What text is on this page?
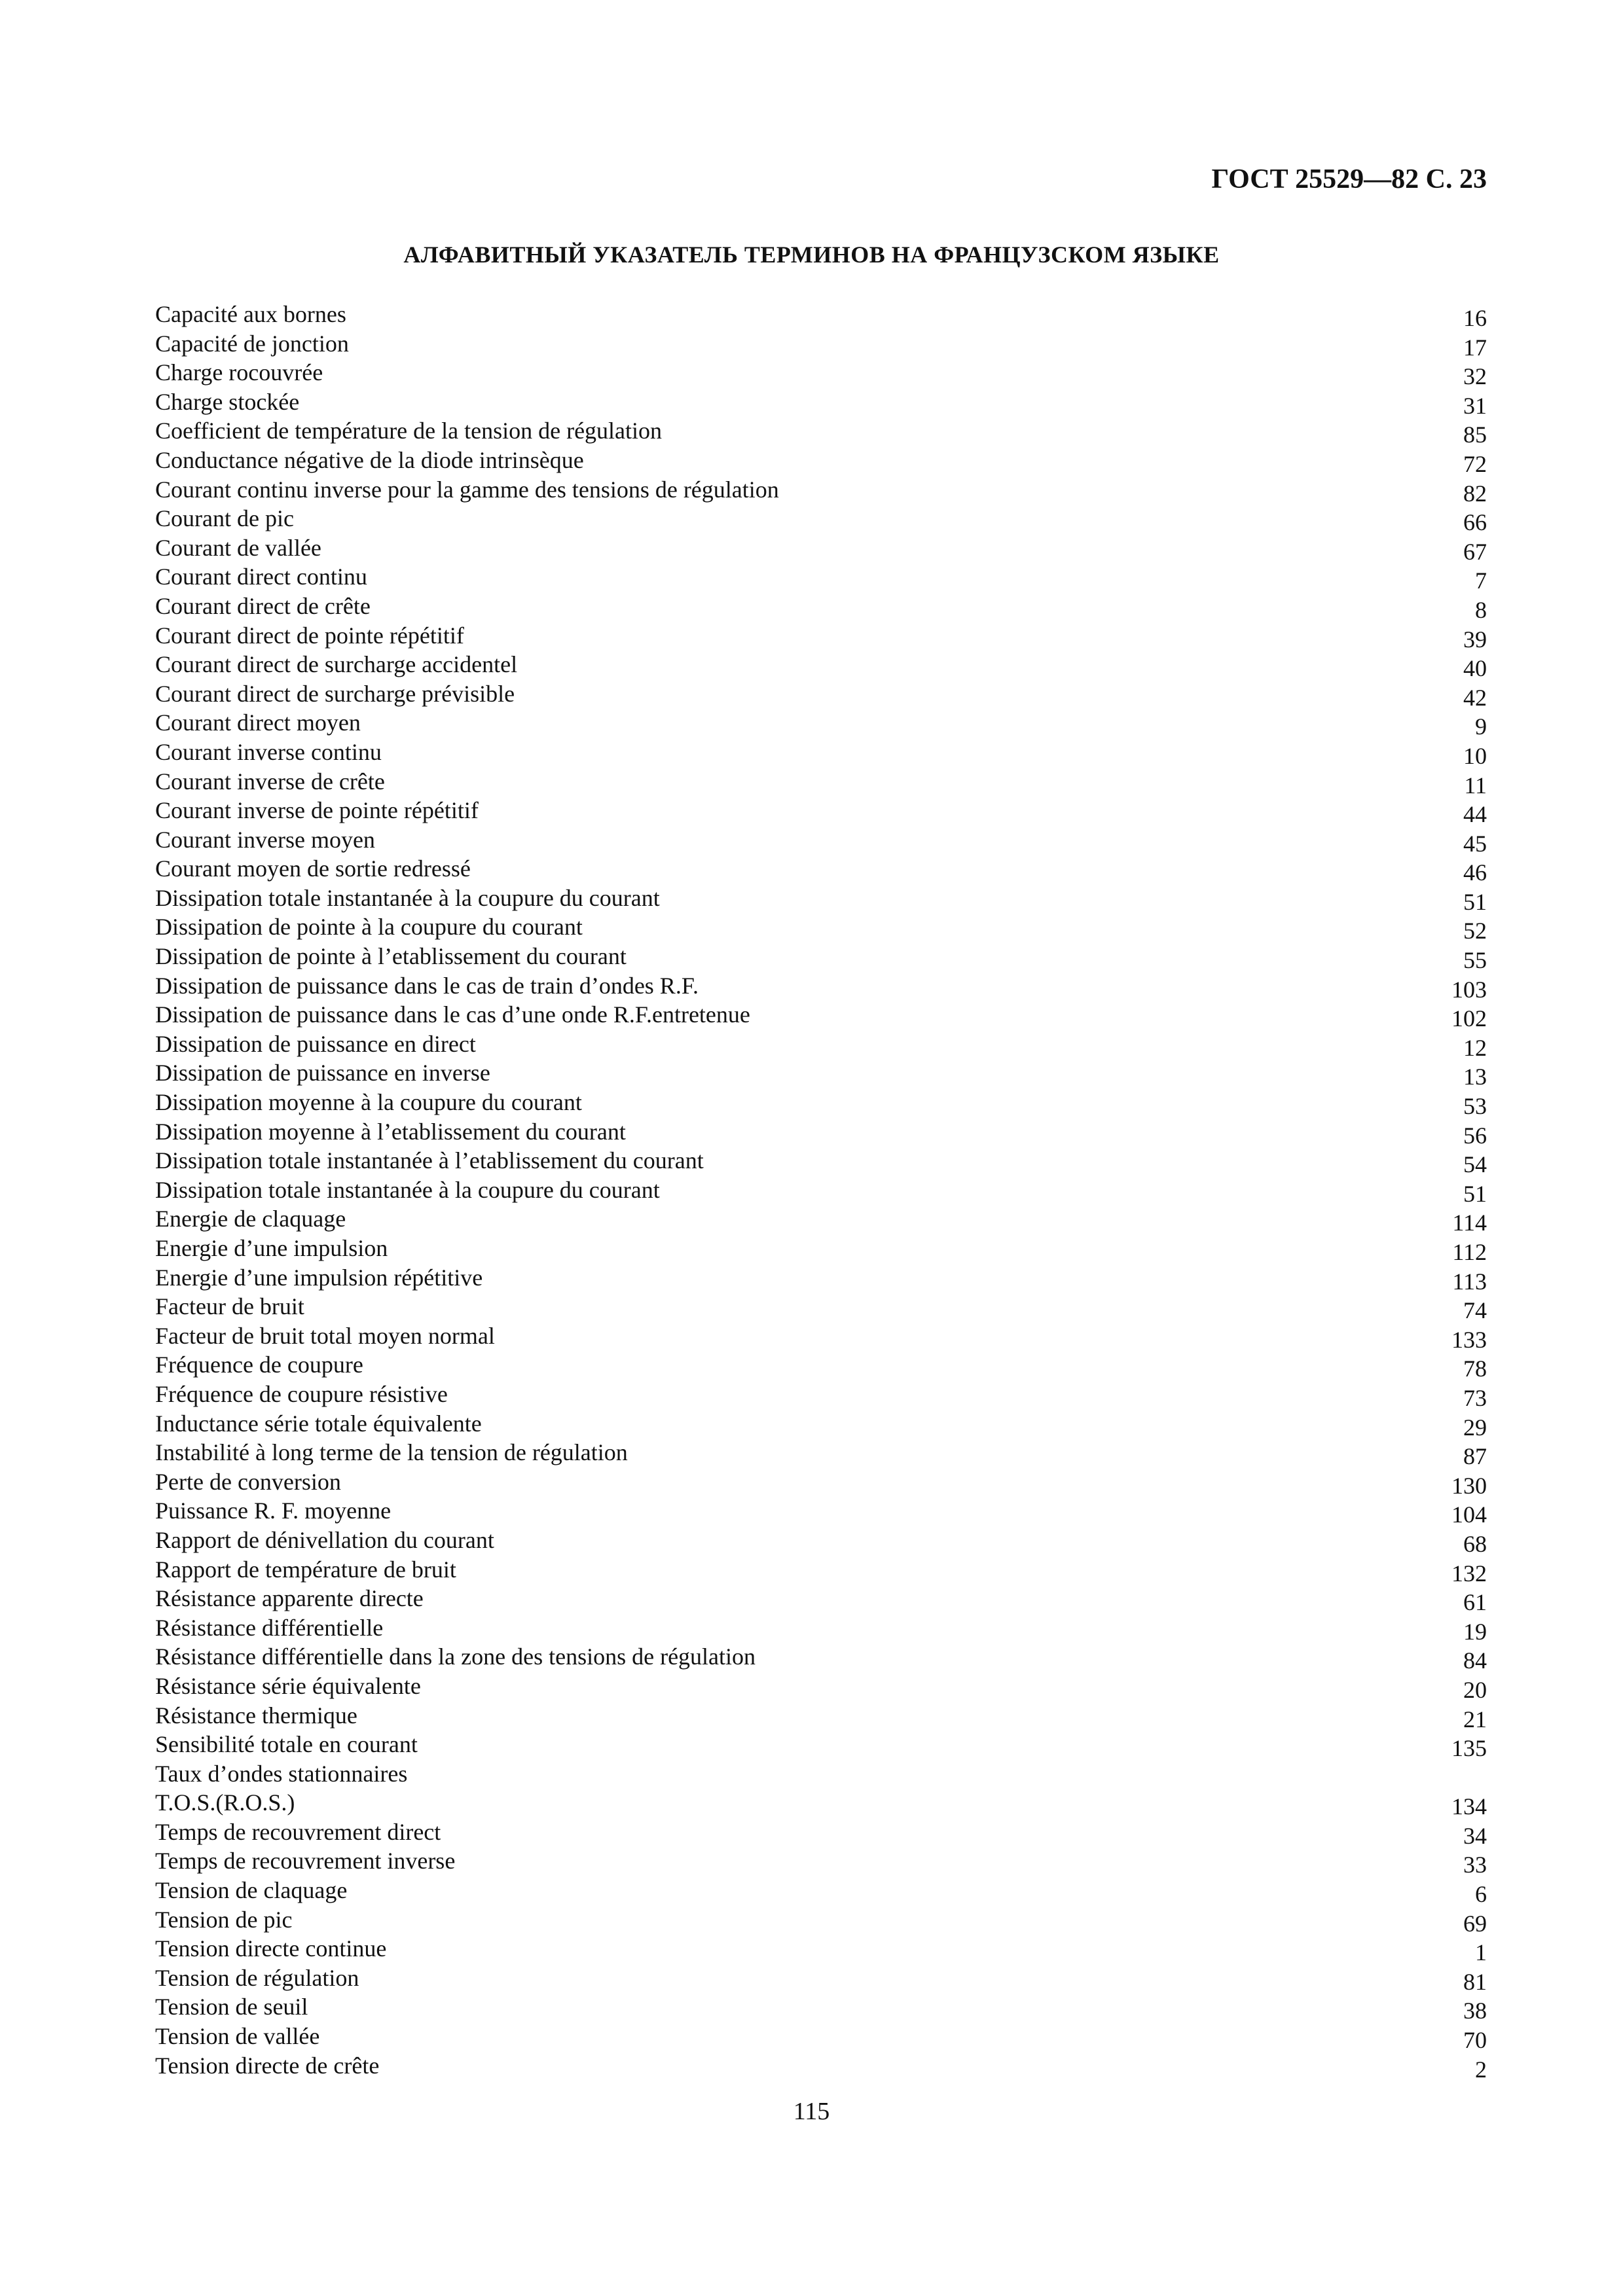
ГОСТ 25529—82 С. 23
АЛФАВИТНЫЙ УКАЗАТЕЛЬ ТЕРМИНОВ НА ФРАНЦУЗСКОМ ЯЗЫКЕ
Capacité aux bornes	16
Capacité de jonction	17
Charge rocouvrée	32
Charge stockée	31
Coefficient de température de la tension de régulation	85
Conductance négative de la diode intrinsèque	72
Courant continu inverse pour la gamme des tensions de régulation	82
Courant de pic	66
Courant de vallée	67
Courant direct continu	7
Courant direct de crête	8
Courant direct de pointe répétitif	39
Courant direct de surcharge accidentel	40
Courant direct de surcharge prévisible	42
Courant direct moyen	9
Courant inverse continu	10
Courant inverse de crête	11
Courant inverse de pointe répétitif	44
Courant inverse moyen	45
Courant moyen de sortie redressé	46
Dissipation totale instantanée à la coupure du courant	51
Dissipation de pointe à la coupure du courant	52
Dissipation de pointe à l’etablissement du courant	55
Dissipation de puissance dans le cas de train d’ondes R.F.	103
Dissipation de puissance dans le cas d’une onde R.F.entretenue	102
Dissipation de puissance en direct	12
Dissipation de puissance en inverse	13
Dissipation moyenne à la coupure du courant	53
Dissipation moyenne à l’etablissement du courant	56
Dissipation totale instantanée à l’etablissement du courant	54
Dissipation totale instantanée à la coupure du courant	51
Energie de claquage	114
Energie d’une impulsion	112
Energie d’une impulsion répétitive	113
Facteur de bruit	74
Facteur de bruit total moyen normal	133
Fréquence de coupure	78
Fréquence de coupure résistive	73
Inductance série totale équivalente	29
Instabilité à long terme de la tension de régulation	87
Perte de conversion	130
Puissance R. F. moyenne	104
Rapport de dénivellation du courant	68
Rapport de température de bruit	132
Résistance apparente directe	61
Résistance différentielle	19
Résistance différentielle dans la zone des tensions de régulation	84
Résistance série équivalente	20
Résistance thermique	21
Sensibilité totale en courant	135
Taux d’ondes stationnaires
T.O.S.(R.O.S.)	134
Temps de recouvrement direct	34
Temps de recouvrement inverse	33
Tension de claquage	6
Tension de pic	69
Tension directe continue	1
Tension de régulation	81
Tension de seuil	38
Tension de vallée	70
Tension directe de crête	2
115
